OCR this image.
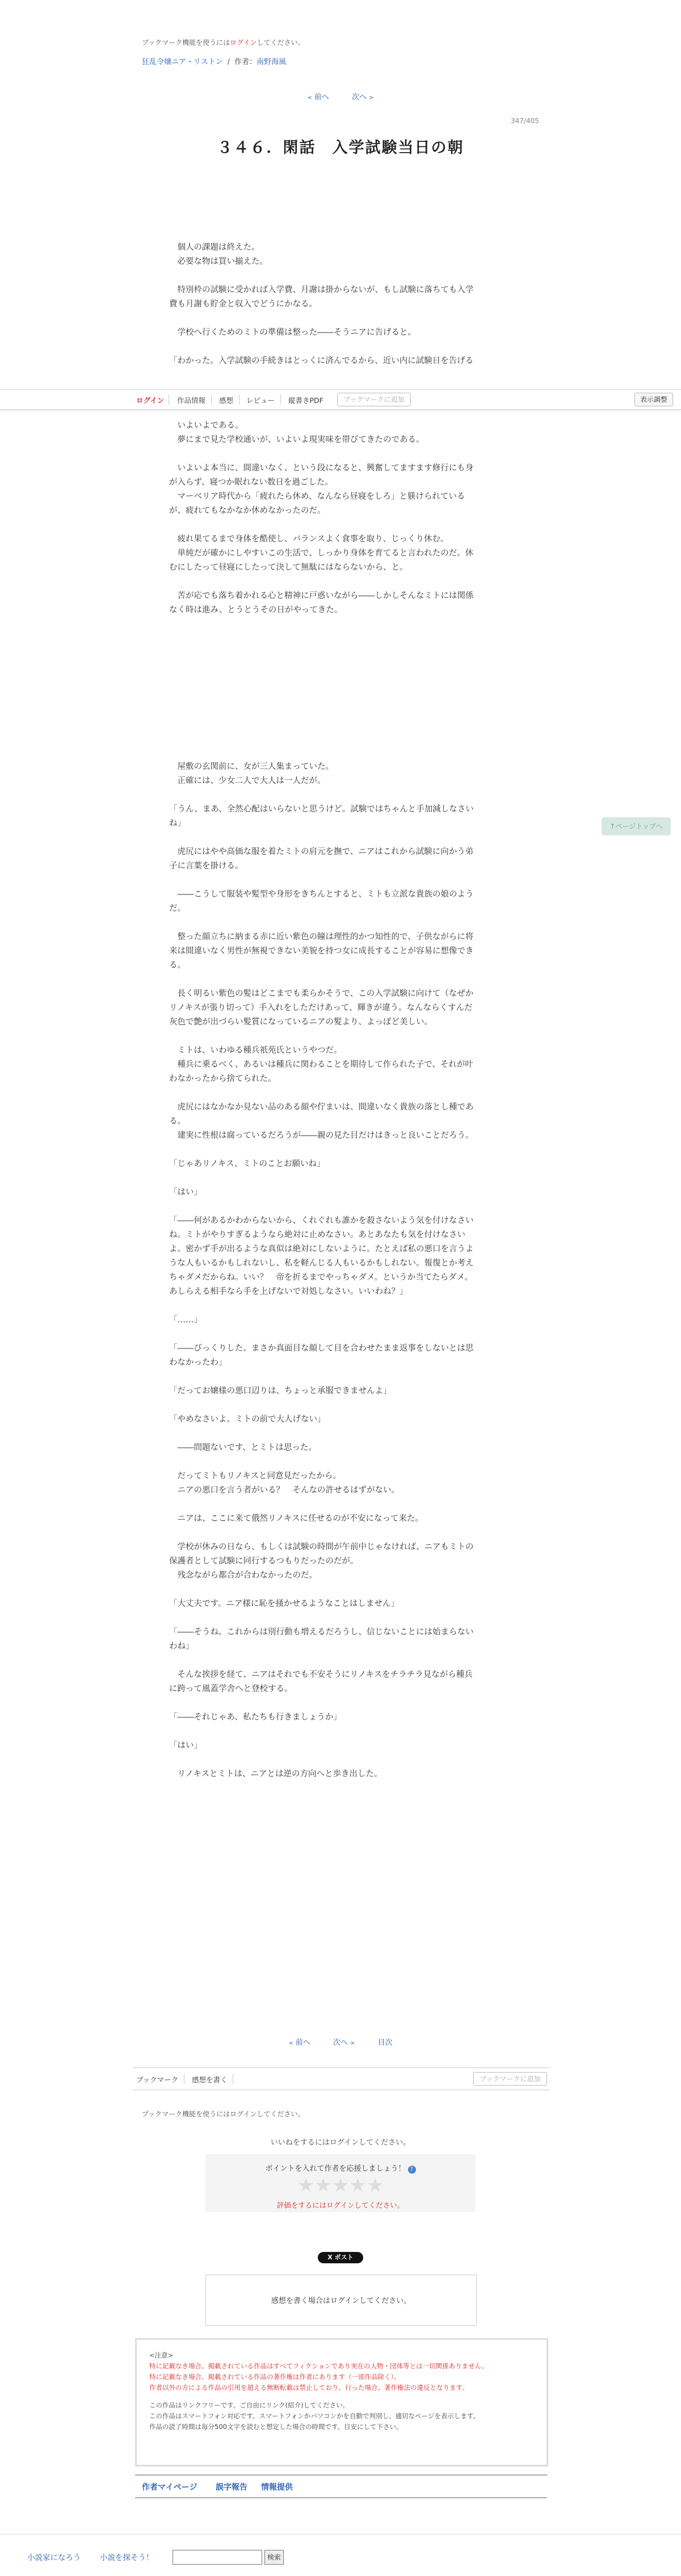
ブックマーク機能を使うにはログインしてください。
狂乱令嬢ニア・リストン / 作者：南野海風
< 前へ	次へ >
347/405
３４６．閑話　入学試験当日の朝

　個人の課題は終えた。

　必要な物は買い揃えた。

　特別枠の試験に受かれば入学費、月謝は掛からないが、もし試験に落ちても入学

費も月謝も貯金と収入でどうにかなる。

　学校へ行くためのミトの準備は整った――そうニアに告げると。

「わかった。入学試験の手続きはとっくに済んでるから、近い内に試験日を告げる

ログイン 作品情報 感想 レビュー 縦書きPDF	ブックマークに追加	表示調整

　いよいよである。

　夢にまで見た学校通いが、いよいよ現実味を帯びてきたのである。

　いよいよ本当に、間違いなく、という段になると、興奮してますます修行にも身

が入らず、寝つか眠れない数日を過ごした。

　マーベリア時代から「疲れたら休め、なんなら昼寝をしろ」と躾けられている

が、疲れてもなかなか休めなかったのだ。

　疲れ果てるまで身体を酷使し、バランスよく食事を取り、じっくり休む。

　単純だが確かにしやすいこの生活で、しっかり身体を育てると言われたのだ。休

むにしたって昼寝にしたって決して無駄にはならないから、と。

　苦が応でも落ち着かれる心と精神に戸惑いながら――しかしそんなミトには関係

なく時は進み、とうとうその日がやってきた。

　屋敷の玄関前に、女が三人集まっていた。

　正確には、少女二人で大人は一人だが。

「うん、まあ、全然心配はいらないと思うけど。試験ではちゃんと手加減しなさい

ね」

　虎尻にはやや高価な服を着たミトの肩元を撫で、ニアはこれから試験に向かう弟

子に言葉を掛ける。

　――こうして服装や髪型や身形をきちんとすると、ミトも立派な貴族の娘のよう

だ。

　整った顔立ちに納まる赤に近い紫色の瞳は理性的かつ知性的で、子供ながらに将

来は間違いなく男性が無視できない美貌を持つ女に成長することが容易に想像でき

る。

　長く明るい紫色の髪はどこまでも柔らかそうで、この入学試験に向けて（なぜか

リノキスが張り切って）手入れをしただけあって、輝きが違う。なんならくすんだ

灰色で艶が出づらい髪質になっているニアの髪より、よっぽど美しい。

　ミトは、いわゆる種兵祇苑氏というやつだ。

　種兵に乗るべく、あるいは種兵に関わることを期待して作られた子で、それが叶

わなかったから捨てられた。

　虎尻にはなかなか見ない品のある顔や佇まいは、間違いなく貴族の落とし種であ

る。

　建実に性根は腐っているだろうが――親の見た目だけはきっと良いことだろう。

「じゃあリノキス、ミトのことお願いね」

「はい」

「――何があるかわからないから、くれぐれも誰かを殺さないよう気を付けなさい

ね。ミトがやりすぎるようなら絶対に止めなさい。あとあなたも気を付けなさい

よ。密かず手が出るような真似は絶対にしないように。たとえば私の悪口を言うよ

うな人もいるかもしれないし、私を軽んじる人もいるかもしれない。報復とか考え

ちゃダメだからね。いい？　帝を折るまでやっちゃダメ。というか当てたらダメ。

あしらえる相手なら手を上げないで対処しなさい。いいわね？」

「……」

「――びっくりした。まさか真面目な顔して目を合わせたまま返事をしないとは思

わなかったわ」

「だってお嬢様の悪口辺りは、ちょっと承服できませんよ」

「やめなさいよ。ミトの前で大人げない」

　――問題ないです、とミトは思った。

　だってミトもリノキスと同意見だったから。

　ニアの悪口を言う者がいる？　そんなの許せるはずがない。

　ニアは、ここに来て俄然リノキスに任せるのが不安になって来た。

　学校が休みの日なら、もしくは試験の時間が午前中じゃなければ、ニアもミトの

保護者として試験に同行するつもりだったのだが。

　残念ながら都合が合わなかったのだ。

「大丈夫です。ニア様に恥を掻かせるようなことはしません」

「――そうね。これからは別行動も増えるだろうし、信じないことには始まらない

わね」

　そんな挨拶を経て、ニアはそれでも不安そうにリノキスをチラチラ見ながら種兵

に跨って風蓋学舎へと登校する。

「――それじゃあ、私たちも行きましょうか」

「はい」

　リノキスとミトは、ニアとは逆の方向へと歩き出した。

↑ページトップへ
< 前へ	次へ >	目次
ブックマーク 感想を書く	ブックマークに追加
ブックマーク機能を使うにはログインしてください。
いいねをするにはログインしてください。
ポイントを入れて作者を応援しましょう！ ?
★★★★★
評価をするにはログインしてください。
X ポスト
感想を書く場合はログインしてください。

<注意>

特に記載なき場合、掲載されている作品はすべてフィクションであり実在の人物・団体等とは一切関係ありません。

特に記載なき場合、掲載されている作品の著作権は作者にあります（一部作品除く）。

作者以外の方による作品の引用を超える無断転載は禁止しており、行った場合、著作権法の違反となります。

この作品はリンクフリーです。ご自由にリンク(紹介)してください。

この作品はスマートフォン対応です。スマートフォンかパソコンかを自動で判別し、適切なページを表示します。

作品の読了時間は毎分500文字を読むと想定した場合の時間です。目安にして下さい。

作者マイページ 誤字報告 情報提供
小説家になろう 小説を探そう！	検索
